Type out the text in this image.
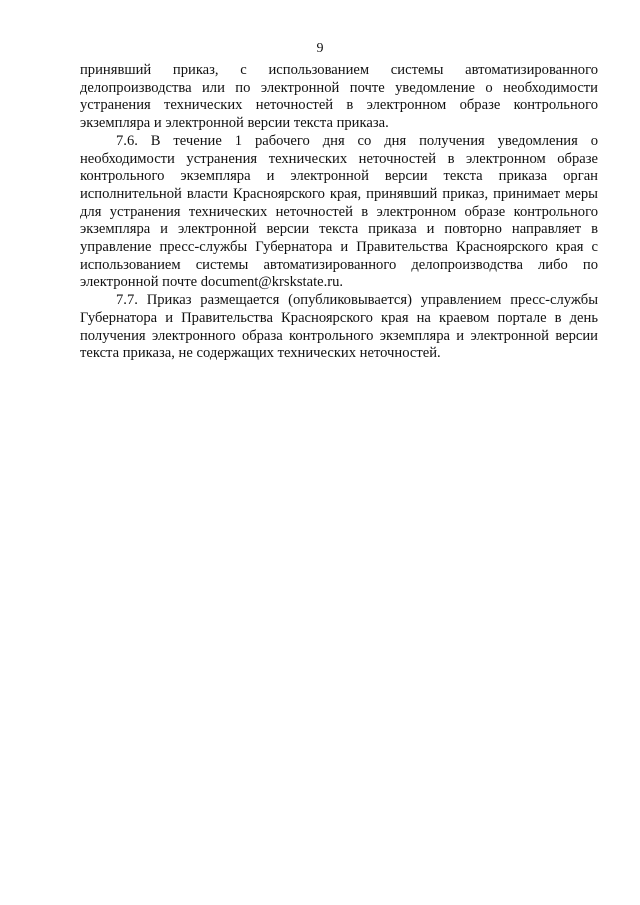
9

принявший приказ, с использованием системы автоматизированного делопроизводства или по электронной почте уведомление о необходимости устранения технических неточностей в электронном образе контрольного экземпляра и электронной версии текста приказа.

7.6. В течение 1 рабочего дня со дня получения уведомления о необходимости устранения технических неточностей в электронном образе контрольного экземпляра и электронной версии текста приказа орган исполнительной власти Красноярского края, принявший приказ, принимает меры для устранения технических неточностей в электронном образе контрольного экземпляра и электронной версии текста приказа и повторно направляет в управление пресс-службы Губернатора и Правительства Красноярского края с использованием системы автоматизированного делопроизводства либо по электронной почте document@krskstate.ru.

7.7. Приказ размещается (опубликовывается) управлением пресс-службы Губернатора и Правительства Красноярского края на краевом портале в день получения электронного образа контрольного экземпляра и электронной версии текста приказа, не содержащих технических неточностей.
